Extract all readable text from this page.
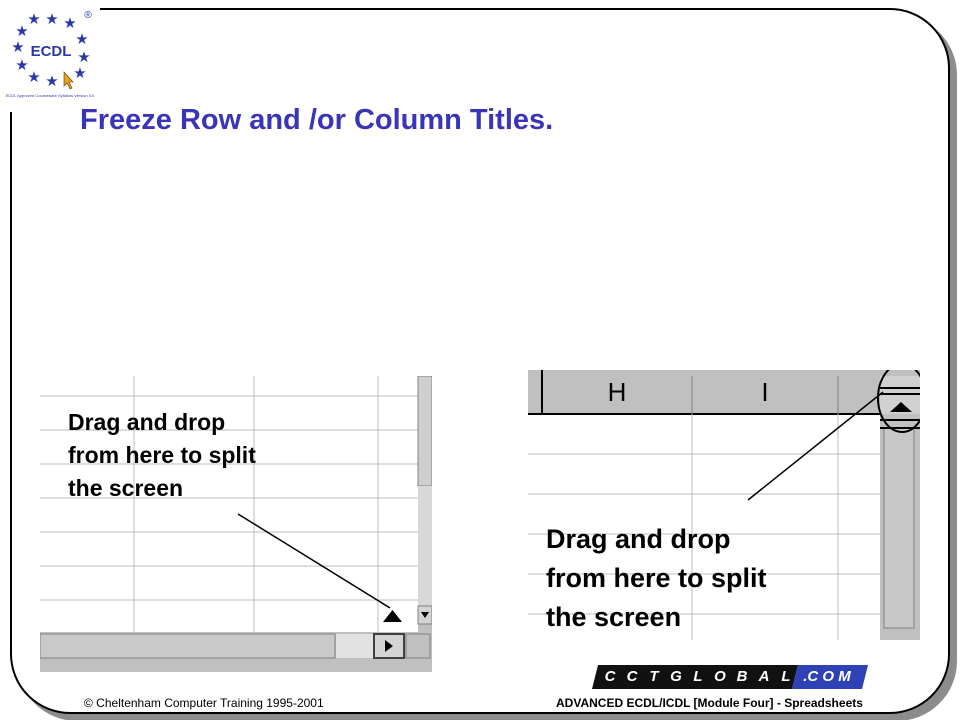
★ ★
★
★
★
★
★
★
★
★
★
ECDL
®
ECDL Approved Courseware Syllabus Version 3.0
Freeze Row and /or Column Titles.
Drag and drop
from here to split
the screen
H	I
Drag and drop
from here to split
the screen
C C T G L O B A L .C O M
© Cheltenham Computer Training 1995-2001	ADVANCED ECDL/ICDL [Module Four] - Spreadsheets
